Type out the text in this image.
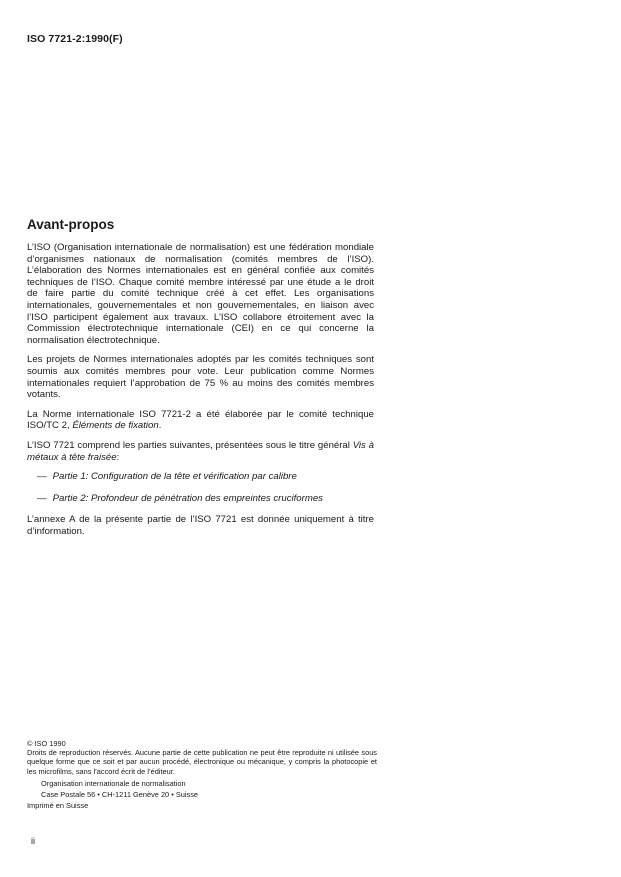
ISO 7721-2:1990(F)
Avant-propos

L’ISO (Organisation internationale de normalisation) est une fédération mondiale d’organismes nationaux de normalisation (comités membres de l’ISO). L’élaboration des Normes internationales est en général confiée aux comités techniques de l’ISO. Chaque comité membre intéressé par une étude a le droit de faire partie du comité technique créé à cet effet. Les organisations internationales, gouvernementales et non gouvernementales, en liaison avec l’ISO participent également aux travaux. L’ISO collabore étroitement avec la Commission électrotechnique internationale (CEI) en ce qui concerne la normalisation électrotechnique.

Les projets de Normes internationales adoptés par les comités techniques sont soumis aux comités membres pour vote. Leur publication comme Normes internationales requiert l’approbation de 75 % au moins des comités membres votants.

La Norme internationale ISO 7721-2 a été élaborée par le comité technique ISO/TC 2, Éléments de fixation.

L’ISO 7721 comprend les parties suivantes, présentées sous le titre général Vis à métaux à tête fraisée:

— Partie 1: Configuration de la tête et vérification par calibre
— Partie 2: Profondeur de pénétration des empreintes cruciformes

L’annexe A de la présente partie de l’ISO 7721 est donnée uniquement à titre d’information.

© ISO 1990

Droits de reproduction réservés. Aucune partie de cette publication ne peut être reproduite ni utilisée sous quelque forme que ce soit et par aucun procédé, électronique ou mécanique, y compris la photocopie et les microfilms, sans l’accord écrit de l’éditeur.

Organisation internationale de normalisation

Case Postale 56 • CH-1211 Genève 20 • Suisse

Imprimé en Suisse

ii
